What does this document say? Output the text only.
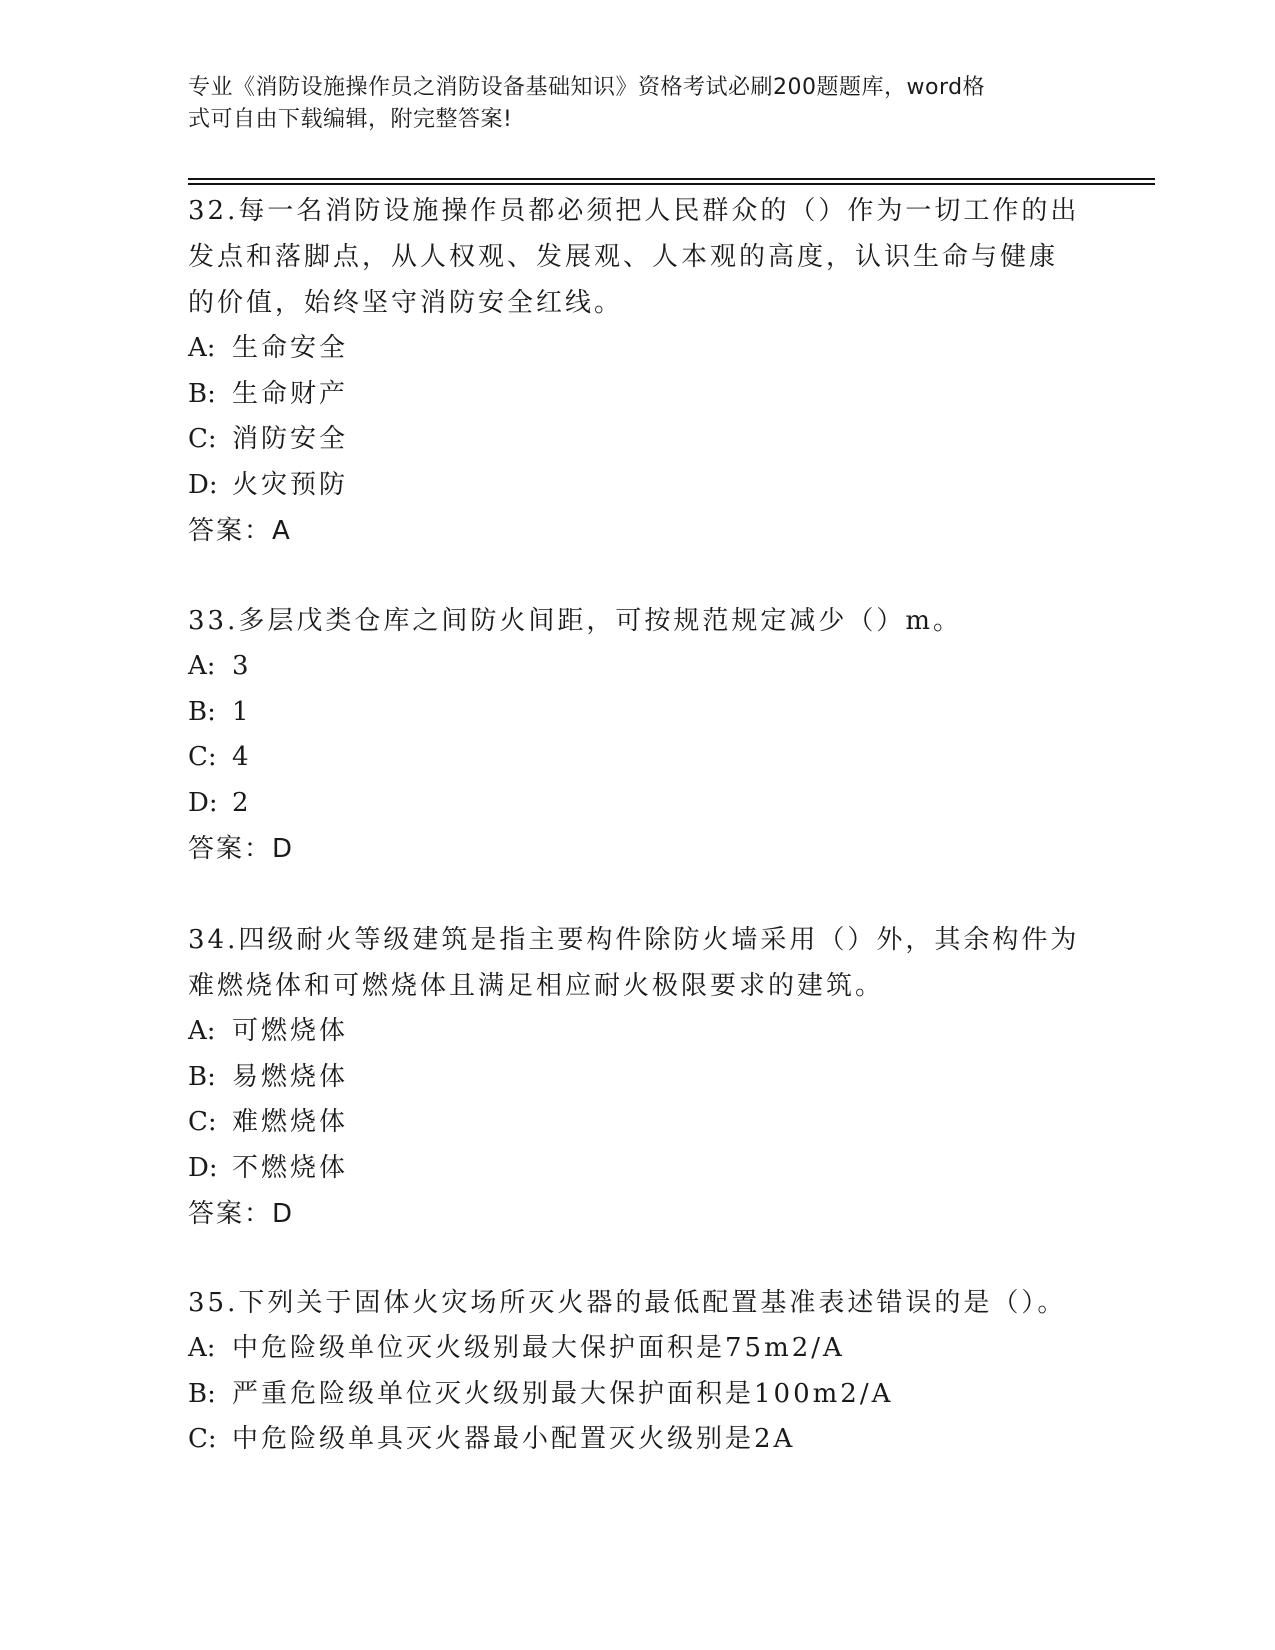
专业《消防设施操作员之消防设备基础知识》资格考试必刷200题题库，word格
式可自由下载编辑，附完整答案!

32.每一名消防设施操作员都必须把人民群众的（）作为一切工作的出

发点和落脚点，从人权观、发展观、人本观的高度，认识生命与健康

的价值，始终坚守消防安全红线。

A: 生命安全

B: 生命财产

C: 消防安全

D: 火灾预防

答案：A

33.多层戊类仓库之间防火间距，可按规范规定减少（）m。

A: 3

B: 1

C: 4

D: 2

答案：D

34.四级耐火等级建筑是指主要构件除防火墙采用（）外，其余构件为

难燃烧体和可燃烧体且满足相应耐火极限要求的建筑。

A: 可燃烧体

B: 易燃烧体

C: 难燃烧体

D: 不燃烧体

答案：D

35.下列关于固体火灾场所灭火器的最低配置基准表述错误的是（）。

A: 中危险级单位灭火级别最大保护面积是75m2/A

B: 严重危险级单位灭火级别最大保护面积是100m2/A

C: 中危险级单具灭火器最小配置灭火级别是2A
